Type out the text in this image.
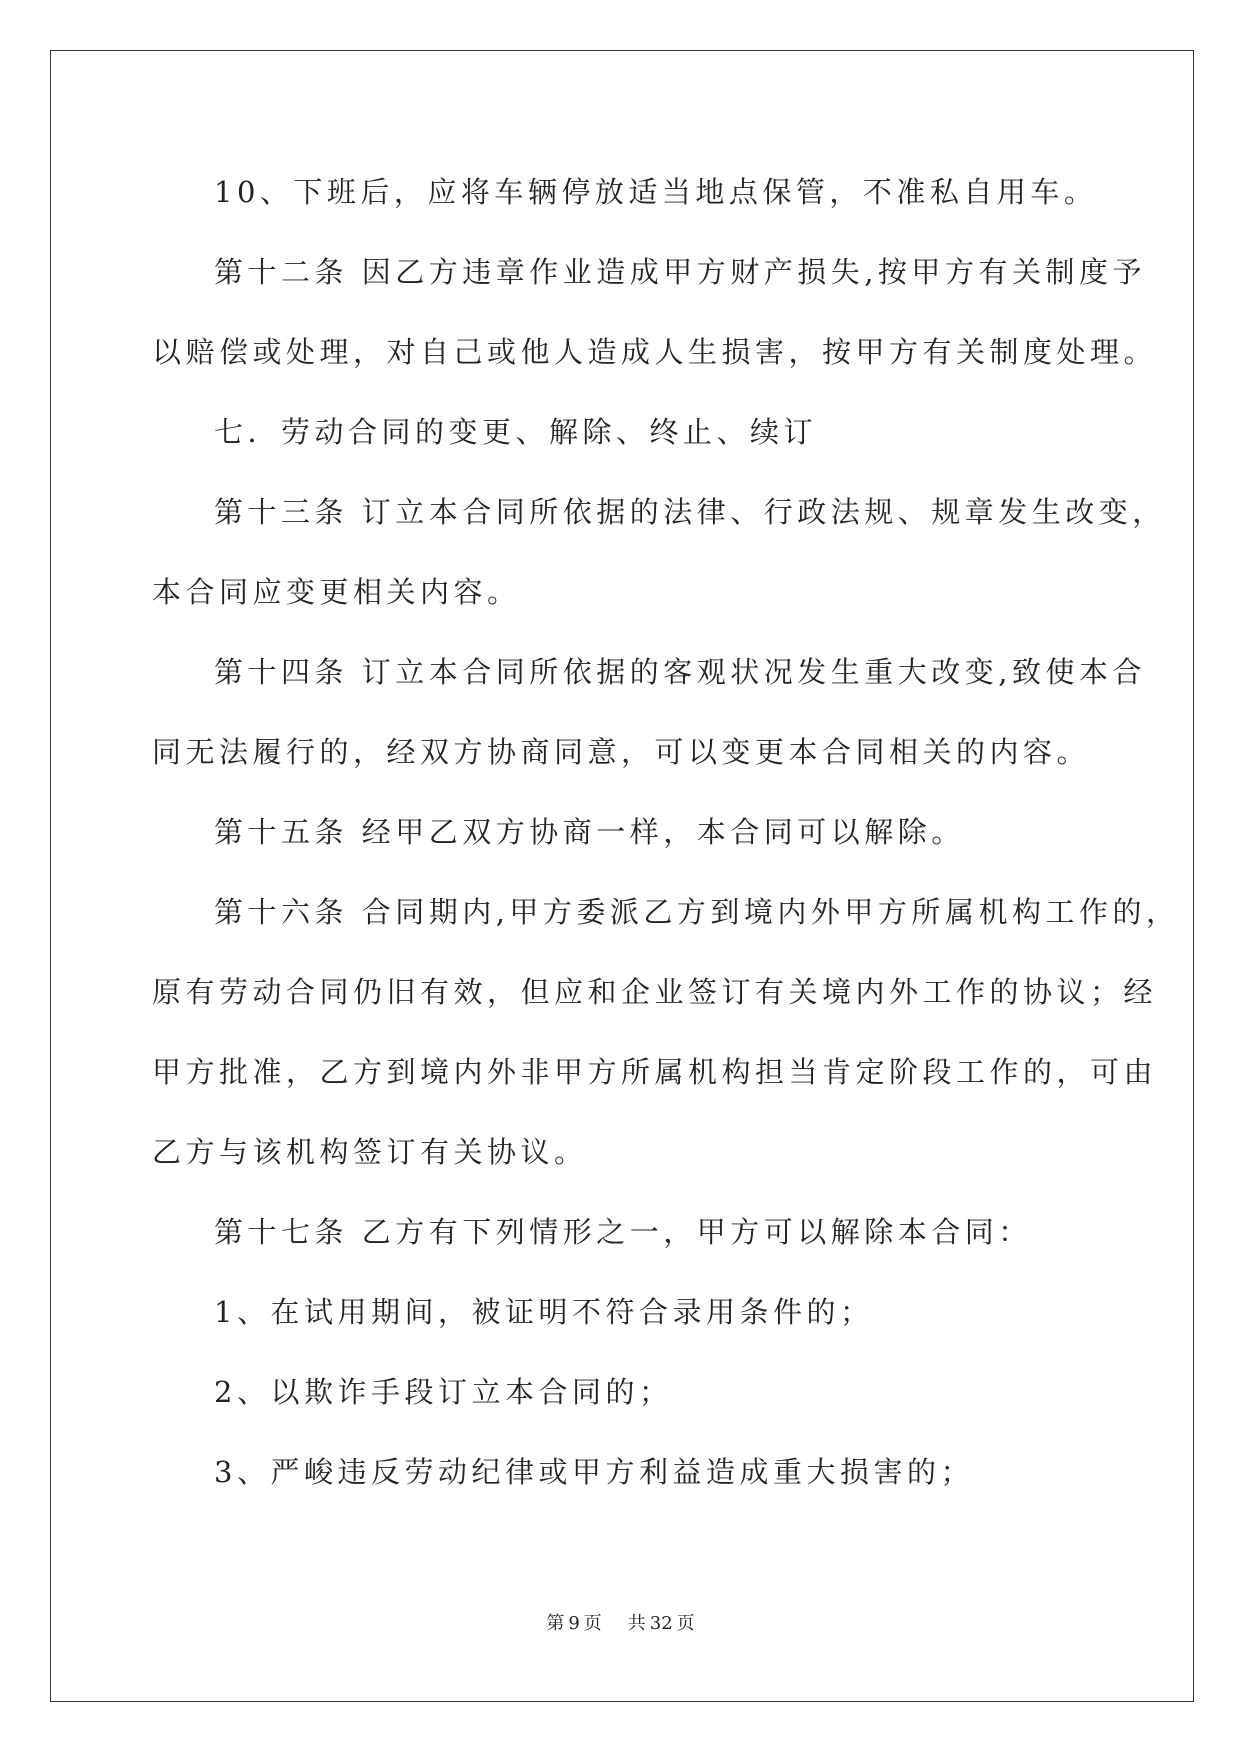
10、下班后，应将车辆停放适当地点保管，不准私自用车。
第十二条 因乙方违章作业造成甲方财产损失,按甲方有关制度予
以赔偿或处理，对自己或他人造成人生损害，按甲方有关制度处理。
七．劳动合同的变更、解除、终止、续订
第十三条 订立本合同所依据的法律、行政法规、规章发生改变，
本合同应变更相关内容。
第十四条 订立本合同所依据的客观状况发生重大改变,致使本合
同无法履行的，经双方协商同意，可以变更本合同相关的内容。
第十五条 经甲乙双方协商一样，本合同可以解除。
第十六条 合同期内,甲方委派乙方到境内外甲方所属机构工作的，
原有劳动合同仍旧有效，但应和企业签订有关境内外工作的协议；经
甲方批准，乙方到境内外非甲方所属机构担当肯定阶段工作的，可由
乙方与该机构签订有关协议。
第十七条 乙方有下列情形之一，甲方可以解除本合同：
1、在试用期间，被证明不符合录用条件的；
2、以欺诈手段订立本合同的；
3、严峻违反劳动纪律或甲方利益造成重大损害的；
第 9 页 共 32 页
